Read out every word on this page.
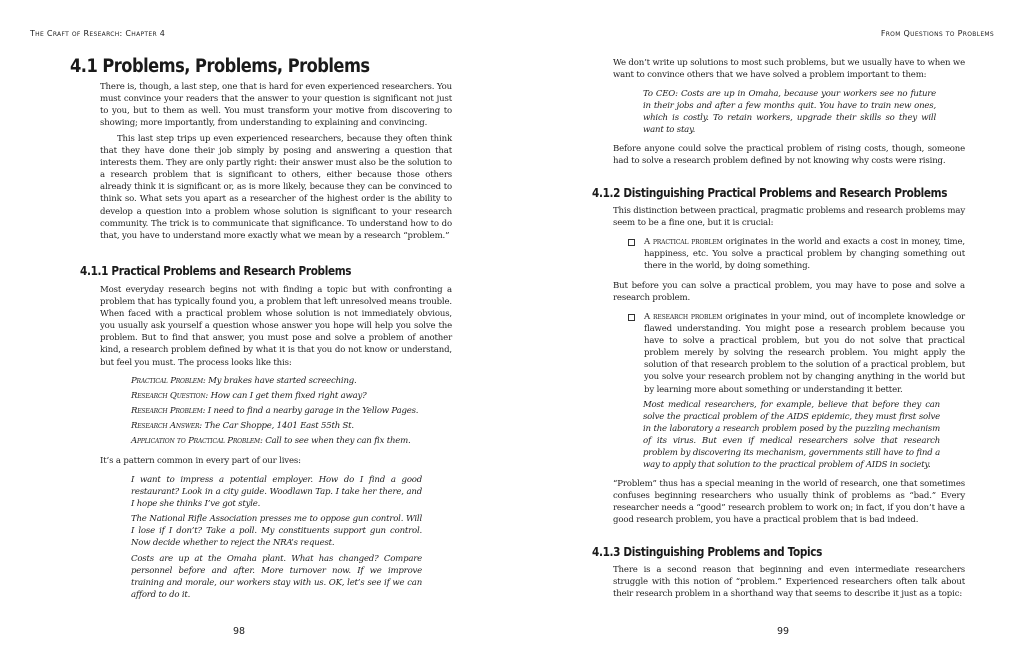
The Craft of Research: Chapter 4
4.1 Problems, Problems, Problems
There is, though, a last step, one that is hard for even experienced researchers. You must convince your readers that the answer to your question is significant not just to you, but to them as well. You must transform your motive from discovering to showing; more importantly, from understanding to explaining and convincing.
This last step trips up even experienced researchers, because they often think that they have done their job simply by posing and answering a question that interests them. They are only partly right: their answer must also be the solution to a research problem that is significant to others, either because those others already think it is significant or, as is more likely, because they can be convinced to think so. What sets you apart as a researcher of the highest order is the ability to develop a question into a problem whose solution is significant to your research community. The trick is to communicate that significance. To understand how to do that, you have to understand more exactly what we mean by a research “problem.”
4.1.1 Practical Problems and Research Problems
Most everyday research begins not with finding a topic but with confronting a problem that has typically found you, a problem that left unresolved means trouble. When faced with a practical problem whose solution is not immediately obvious, you usually ask yourself a question whose answer you hope will help you solve the problem. But to find that answer, you must pose and solve a problem of another kind, a research problem defined by what it is that you do not know or understand, but feel you must. The process looks like this:
Practical Problem: My brakes have started screeching.
Research Question: How can I get them fixed right away?
Research Problem: I need to find a nearby garage in the Yellow Pages.
Research Answer: The Car Shoppe, 1401 East 55th St.
Application to Practical Problem: Call to see when they can fix them.
It’s a pattern common in every part of our lives:
I want to impress a potential employer. How do I find a good restaurant? Look in a city guide. Woodlawn Tap. I take her there, and I hope she thinks I’ve got style.
The National Rifle Association presses me to oppose gun control. Will I lose if I don’t? Take a poll. My constituents support gun control. Now decide whether to reject the NRA’s request.
Costs are up at the Omaha plant. What has changed? Compare personnel before and after. More turnover now. If we improve training and morale, our workers stay with us. OK, let’s see if we can afford to do it.
98
From Questions to Problems
We don’t write up solutions to most such problems, but we usually have to when we want to convince others that we have solved a problem important to them:
To CEO: Costs are up in Omaha, because your workers see no future in their jobs and after a few months quit. You have to train new ones, which is costly. To retain workers, upgrade their skills so they will want to stay.
Before anyone could solve the practical problem of rising costs, though, someone had to solve a research problem defined by not knowing why costs were rising.
4.1.2 Distinguishing Practical Problems and Research Problems
This distinction between practical, pragmatic problems and research problems may seem to be a fine one, but it is crucial:
A practical problem originates in the world and exacts a cost in money, time, happiness, etc. You solve a practical problem by changing something out there in the world, by doing something.
But before you can solve a practical problem, you may have to pose and solve a research problem.
A research problem originates in your mind, out of incomplete knowledge or flawed understanding. You might pose a research problem because you have to solve a practical problem, but you do not solve that practical problem merely by solving the research problem. You might apply the solution of that research problem to the solution of a practical problem, but you solve your research problem not by changing anything in the world but by learning more about something or understanding it better.
Most medical researchers, for example, believe that before they can solve the practical problem of the AIDS epidemic, they must first solve in the laboratory a research problem posed by the puzzling mechanism of its virus. But even if medical researchers solve that research problem by discovering its mechanism, governments still have to find a way to apply that solution to the practical problem of AIDS in society.
“Problem” thus has a special meaning in the world of research, one that sometimes confuses beginning researchers who usually think of problems as “bad.” Every researcher needs a “good” research problem to work on; in fact, if you don’t have a good research problem, you have a practical problem that is bad indeed.
4.1.3 Distinguishing Problems and Topics
There is a second reason that beginning and even intermediate researchers struggle with this notion of “problem.” Experienced researchers often talk about their research problem in a shorthand way that seems to describe it just as a topic:
99
